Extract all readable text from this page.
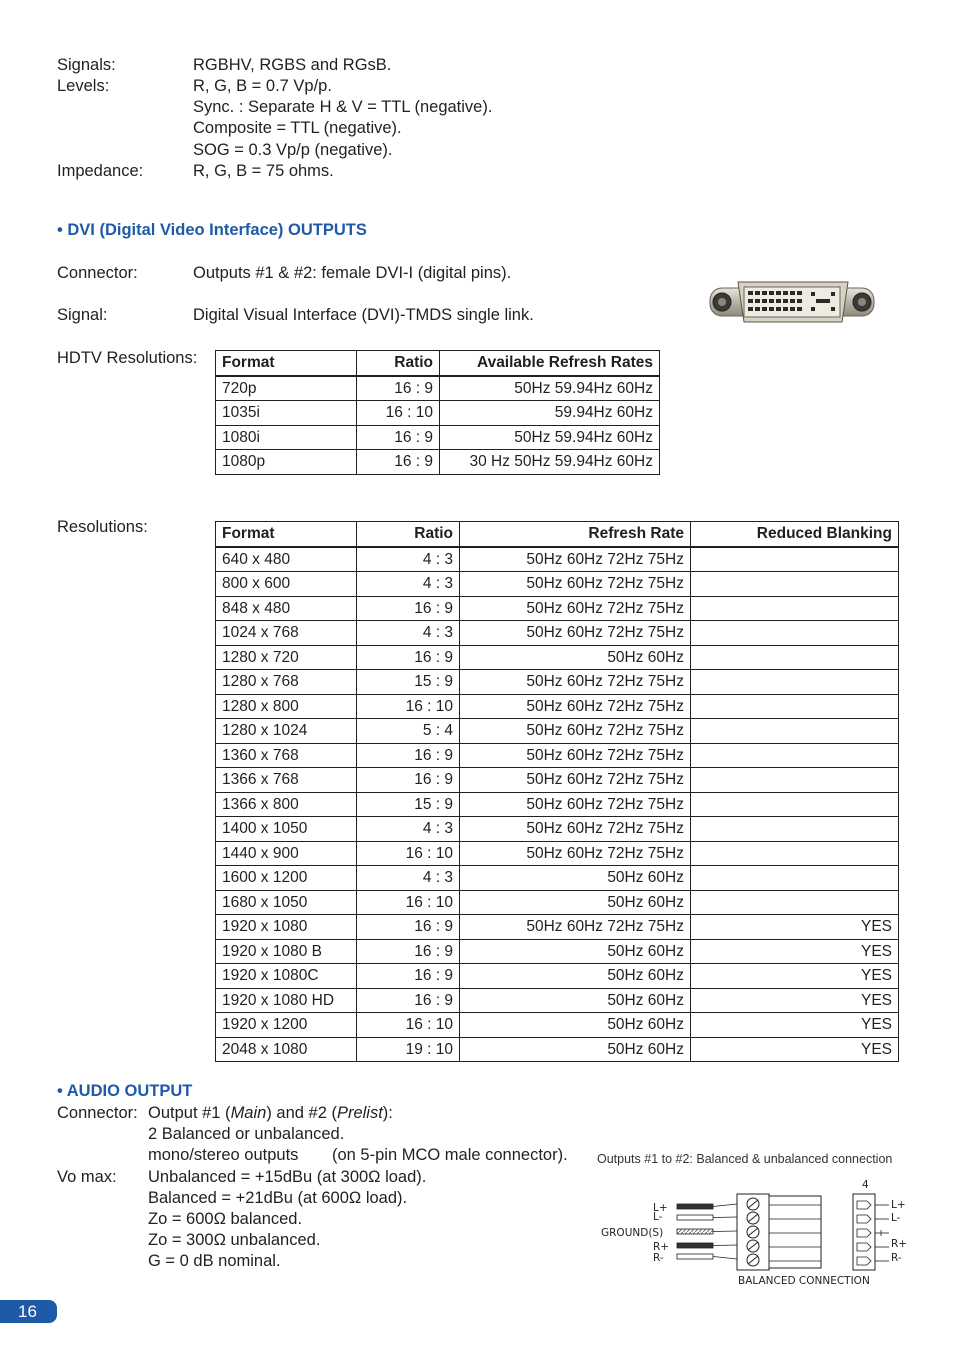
Signals:	RGBHV, RGBS and RGsB.
Levels:	R, G, B = 0.7 Vp/p.
Sync. : Separate H & V = TTL (negative).
Composite = TTL (negative).
SOG = 0.3 Vp/p (negative).
Impedance:	R, G, B = 75 ohms.
• DVI (Digital Video Interface) OUTPUTS
Connector:	Outputs #1 & #2: female DVI-I (digital pins).
Signal:	Digital Visual Interface (DVI)-TMDS single link.
HDTV Resolutions: Format	Ratio	Available Refresh Rates
720p	16 : 9	50Hz 59.94Hz 60Hz
1035i	16 : 10	59.94Hz 60Hz
1080i	16 : 9	50Hz 59.94Hz 60Hz
1080p	16 : 9	30 Hz 50Hz 59.94Hz 60Hz
Resolutions:	Format	Ratio	Refresh Rate	Reduced Blanking
640 x 480	4 : 3	50Hz 60Hz 72Hz 75Hz	
800 x 600	4 : 3	50Hz 60Hz 72Hz 75Hz	
848 x 480	16 : 9	50Hz 60Hz 72Hz 75Hz	
1024 x 768	4 : 3	50Hz 60Hz 72Hz 75Hz	
1280 x 720	16 : 9	50Hz 60Hz	
1280 x 768	15 : 9	50Hz 60Hz 72Hz 75Hz	
1280 x 800	16 : 10	50Hz 60Hz 72Hz 75Hz	
1280 x 1024	5 : 4	50Hz 60Hz 72Hz 75Hz	
1360 x 768	16 : 9	50Hz 60Hz 72Hz 75Hz	
1366 x 768	16 : 9	50Hz 60Hz 72Hz 75Hz	
1366 x 800	15 : 9	50Hz 60Hz 72Hz 75Hz	
1400 x 1050	4 : 3	50Hz 60Hz 72Hz 75Hz	
1440 x 900	16 : 10	50Hz 60Hz 72Hz 75Hz	
1600 x 1200	4 : 3	50Hz 60Hz	
1680 x 1050	16 : 10	50Hz 60Hz	
1920 x 1080	16 : 9	50Hz 60Hz 72Hz 75Hz	YES
1920 x 1080 B	16 : 9	50Hz 60Hz	YES
1920 x 1080C	16 : 9	50Hz 60Hz	YES
1920 x 1080 HD	16 : 9	50Hz 60Hz	YES
1920 x 1200	16 : 10	50Hz 60Hz	YES
2048 x 1080	19 : 10	50Hz 60Hz	YES
• AUDIO OUTPUT
Connector: Output #1 (Main) and #2 (Prelist):
2 Balanced or unbalanced.
mono/stereo outputs (on 5-pin MCO male connector).
Vo max: Unbalanced = +15dBu (at 300Ω load).
Balanced = +21dBu (at 600Ω load).
Zo = 600Ω balanced.
Zo = 300Ω unbalanced.
G = 0 dB nominal.
Outputs #1 to #2: Balanced & unbalanced connection
4
L+
L-
GROUND(S)
R+
R-
L+
L-
R+
R-
BALANCED CONNECTION
16
